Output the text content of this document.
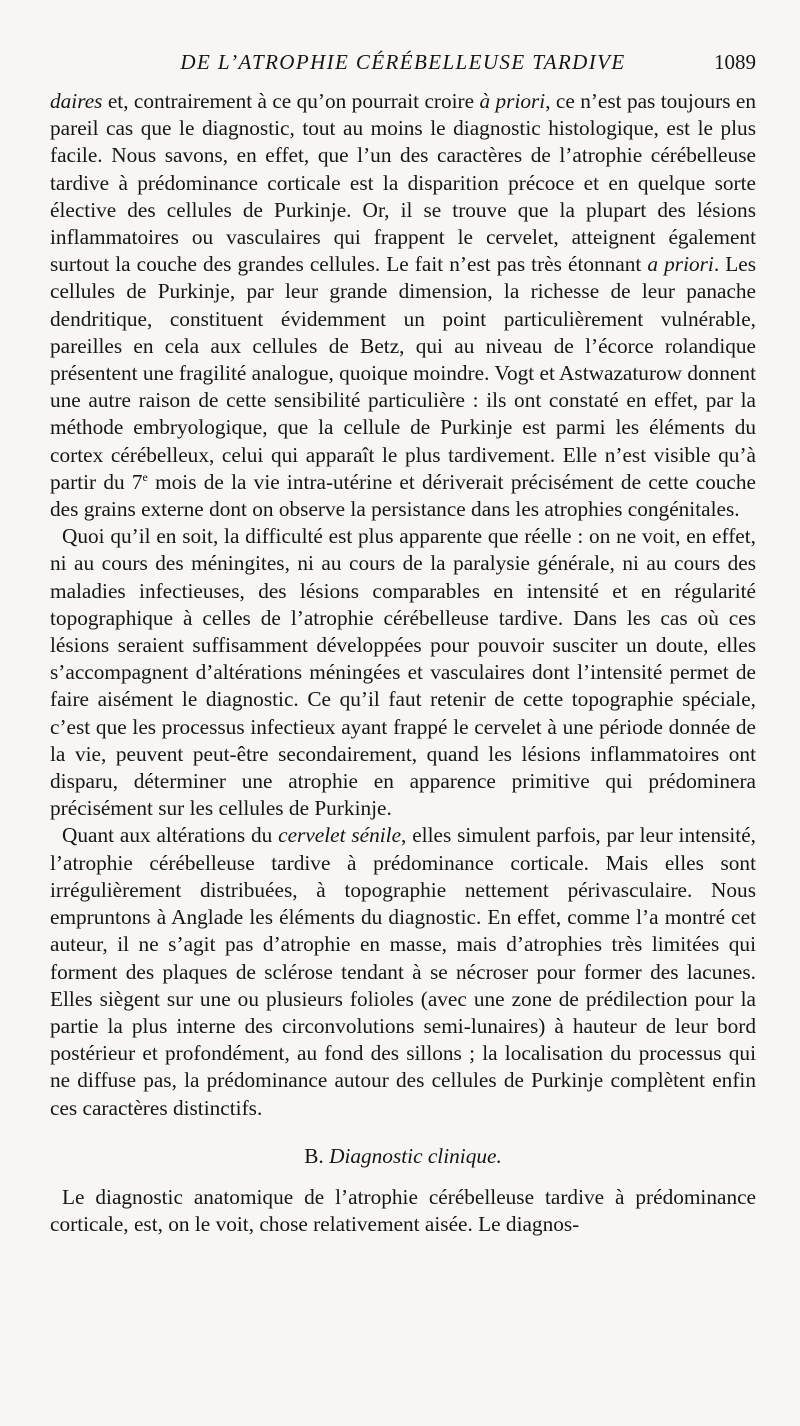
DE L’ATROPHIE CÉRÉBELLEUSE TARDIVE	1089

daires et, contrairement à ce qu’on pourrait croire à priori, ce n’est pas toujours en pareil cas que le diagnostic, tout au moins le diagnostic histologique, est le plus facile. Nous savons, en effet, que l’un des caractères de l’atrophie cérébelleuse tardive à prédominance corticale est la disparition précoce et en quelque sorte élective des cellules de Purkinje. Or, il se trouve que la plupart des lésions inflammatoires ou vasculaires qui frappent le cervelet, atteignent également surtout la couche des grandes cellules. Le fait n’est pas très étonnant a priori. Les cellules de Purkinje, par leur grande dimension, la richesse de leur panache dendritique, constituent évidemment un point particulièrement vulnérable, pareilles en cela aux cellules de Betz, qui au niveau de l’écorce rolandique présentent une fragilité analogue, quoique moindre. Vogt et Astwazaturow donnent une autre raison de cette sensibilité particulière : ils ont constaté en effet, par la méthode embryologique, que la cellule de Purkinje est parmi les éléments du cortex cérébelleux, celui qui apparaît le plus tardivement. Elle n’est visible qu’à partir du 7e mois de la vie intra-utérine et dériverait précisément de cette couche des grains externe dont on observe la persistance dans les atrophies congénitales.

Quoi qu’il en soit, la difficulté est plus apparente que réelle : on ne voit, en effet, ni au cours des méningites, ni au cours de la paralysie générale, ni au cours des maladies infectieuses, des lésions comparables en intensité et en régularité topographique à celles de l’atrophie cérébelleuse tardive. Dans les cas où ces lésions seraient suffisamment développées pour pouvoir susciter un doute, elles s’accompagnent d’altérations méningées et vasculaires dont l’intensité permet de faire aisément le diagnostic. Ce qu’il faut retenir de cette topographie spéciale, c’est que les processus infectieux ayant frappé le cervelet à une période donnée de la vie, peuvent peut-être secondairement, quand les lésions inflammatoires ont disparu, déterminer une atrophie en apparence primitive qui prédominera précisément sur les cellules de Purkinje.

Quant aux altérations du cervelet sénile, elles simulent parfois, par leur intensité, l’atrophie cérébelleuse tardive à prédominance corticale. Mais elles sont irrégulièrement distribuées, à topographie nettement périvasculaire. Nous empruntons à Anglade les éléments du diagnostic. En effet, comme l’a montré cet auteur, il ne s’agit pas d’atrophie en masse, mais d’atrophies très limitées qui forment des plaques de sclérose tendant à se nécroser pour former des lacunes. Elles siègent sur une ou plusieurs folioles (avec une zone de prédilection pour la partie la plus interne des circonvolutions semi-lunaires) à hauteur de leur bord postérieur et profondément, au fond des sillons ; la localisation du processus qui ne diffuse pas, la prédominance autour des cellules de Purkinje complètent enfin ces caractères distinctifs.

B. Diagnostic clinique.

Le diagnostic anatomique de l’atrophie cérébelleuse tardive à prédominance corticale, est, on le voit, chose relativement aisée. Le diagnos-
